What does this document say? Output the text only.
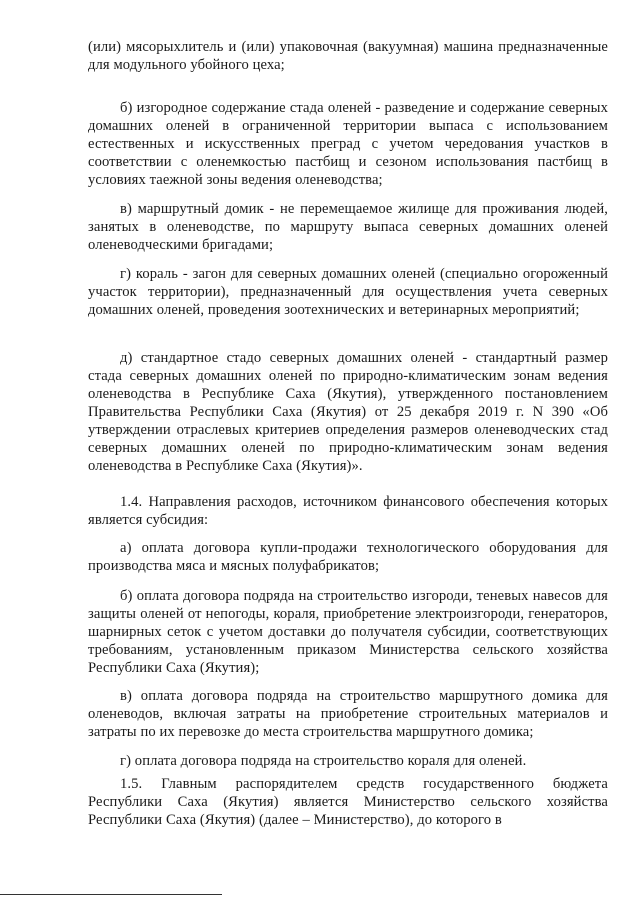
(или) мясорыхлитель и (или) упаковочная (вакуумная) машина предназначенные для модульного убойного цеха;

б) изгородное содержание стада оленей - разведение и содержание северных домашних оленей в ограниченной территории выпаса с использованием естественных и искусственных преград с учетом чередования участков в соответствии с оленемкостью пастбищ и сезоном использования пастбищ в условиях таежной зоны ведения оленеводства;

в) маршрутный домик - не перемещаемое жилище для проживания людей, занятых в оленеводстве, по маршруту выпаса северных домашних оленей оленеводческими бригадами;

г) кораль - загон для северных домашних оленей (специально огороженный участок территории), предназначенный для осуществления учета северных домашних оленей, проведения зоотехнических и ветеринарных мероприятий;

д) стандартное стадо северных домашних оленей - стандартный размер стада северных домашних оленей по природно-климатическим зонам ведения оленеводства в Республике Саха (Якутия), утвержденного постановлением Правительства Республики Саха (Якутия) от 25 декабря 2019 г. N 390 «Об утверждении отраслевых критериев определения размеров оленеводческих стад северных домашних оленей по природно-климатическим зонам ведения оленеводства в Республике Саха (Якутия)».

1.4. Направления расходов, источником финансового обеспечения которых является субсидия:

а) оплата договора купли-продажи технологического оборудования для производства мяса и мясных полуфабрикатов;

б) оплата договора подряда на строительство изгороди, теневых навесов для защиты оленей от непогоды, кораля, приобретение электроизгороди, генераторов, шарнирных сеток с учетом доставки до получателя субсидии, соответствующих требованиям, установленным приказом Министерства сельского хозяйства Республики Саха (Якутия);

в) оплата договора подряда на строительство маршрутного домика для оленеводов, включая затраты на приобретение строительных материалов и затраты по их перевозке до места строительства маршрутного домика;

г) оплата договора подряда на строительство кораля для оленей.

1.5. Главным распорядителем средств государственного бюджета Республики Саха (Якутия) является Министерство сельского хозяйства Республики Саха (Якутия) (далее – Министерство), до которого в
